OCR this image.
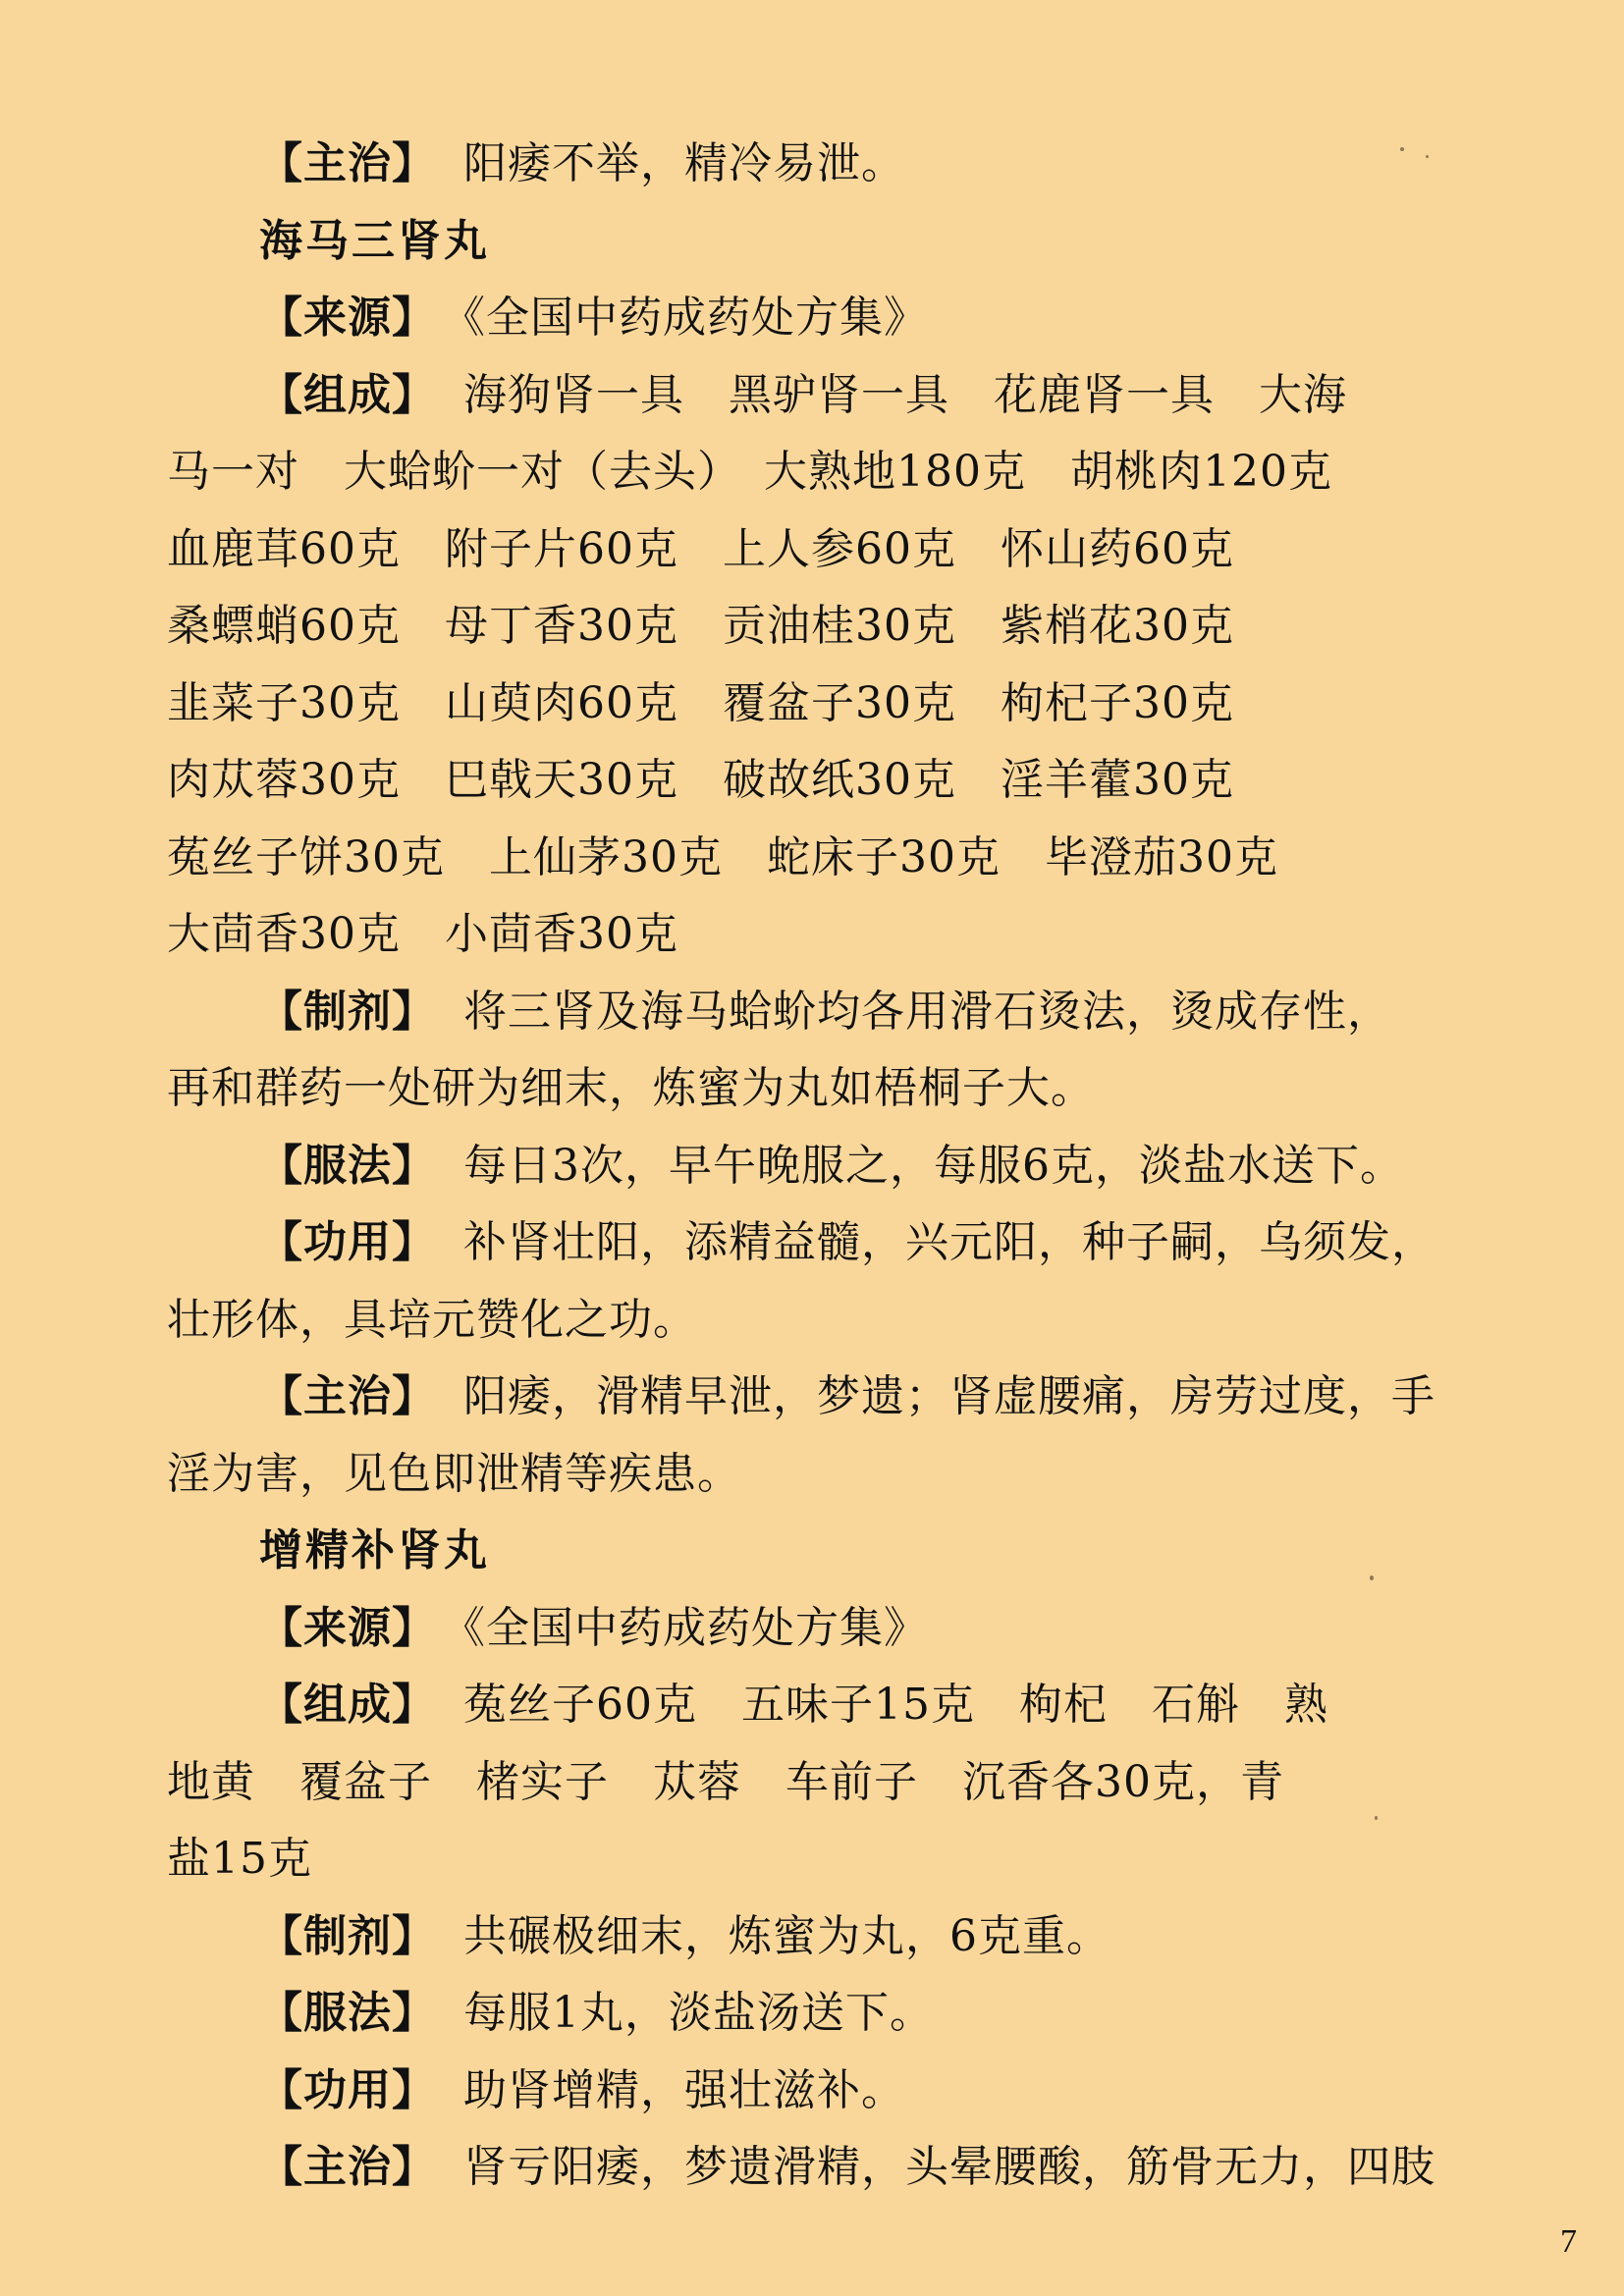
【主治】 阳痿不举，精冷易泄。
海马三肾丸
【来源】 《全国中药成药处方集》
【组成】 海狗肾一具　黑驴肾一具　花鹿肾一具　大海
马一对　大蛤蚧一对（去头）　大熟地180克　胡桃肉120克
血鹿茸60克　附子片60克　上人参60克　怀山药60克
桑螵蛸60克　母丁香30克　贡油桂30克　紫梢花30克
韭菜子30克　山萸肉60克　覆盆子30克　枸杞子30克
肉苁蓉30克　巴戟天30克　破故纸30克　淫羊藿30克
菟丝子饼30克　上仙茅30克　蛇床子30克　毕澄茄30克
大茴香30克　小茴香30克
【制剂】 将三肾及海马蛤蚧均各用滑石烫法，烫成存性，
再和群药一处研为细末，炼蜜为丸如梧桐子大。
【服法】 每日3次，早午晚服之，每服6克，淡盐水送下。
【功用】 补肾壮阳，添精益髓，兴元阳，种子嗣，乌须发，
壮形体，具培元赞化之功。
【主治】 阳痿，滑精早泄，梦遗；肾虚腰痛，房劳过度，手
淫为害，见色即泄精等疾患。
增精补肾丸
【来源】 《全国中药成药处方集》
【组成】 菟丝子60克　五味子15克　枸杞　石斛　熟
地黄　覆盆子　楮实子　苁蓉　车前子　沉香各30克，青
盐15克
【制剂】 共碾极细末，炼蜜为丸，6克重。
【服法】 每服1丸，淡盐汤送下。
【功用】 助肾增精，强壮滋补。
【主治】 肾亏阳痿，梦遗滑精，头晕腰酸，筋骨无力，四肢
7
